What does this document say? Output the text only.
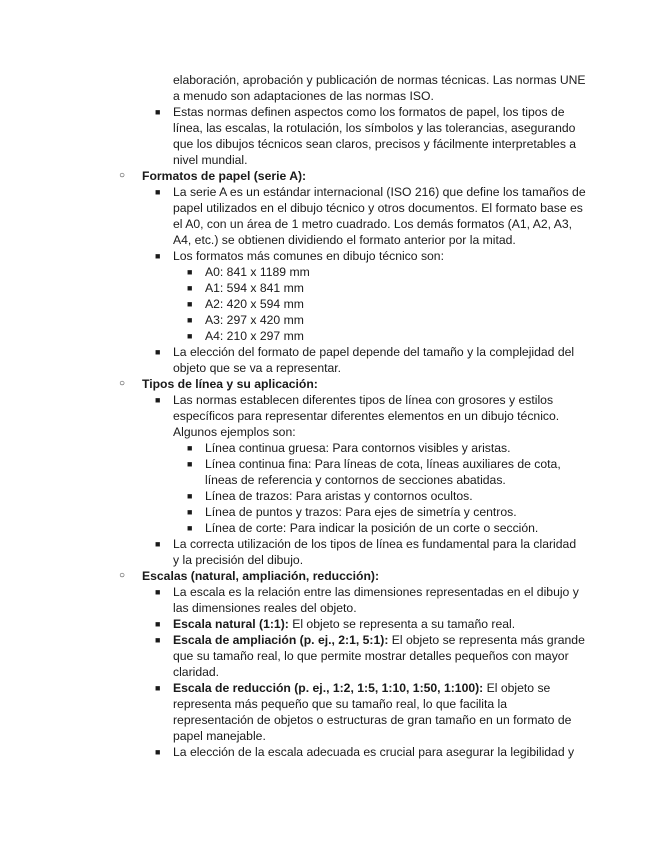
elaboración, aprobación y publicación de normas técnicas. Las normas UNE
a menudo son adaptaciones de las normas ISO.
■ Estas normas definen aspectos como los formatos de papel, los tipos de
línea, las escalas, la rotulación, los símbolos y las tolerancias, asegurando
que los dibujos técnicos sean claros, precisos y fácilmente interpretables a
nivel mundial.
○ Formatos de papel (serie A):
■ La serie A es un estándar internacional (ISO 216) que define los tamaños de
papel utilizados en el dibujo técnico y otros documentos. El formato base es
el A0, con un área de 1 metro cuadrado. Los demás formatos (A1, A2, A3,
A4, etc.) se obtienen dividiendo el formato anterior por la mitad.
■ Los formatos más comunes en dibujo técnico son:
■ A0: 841 x 1189 mm
■ A1: 594 x 841 mm
■ A2: 420 x 594 mm
■ A3: 297 x 420 mm
■ A4: 210 x 297 mm
■ La elección del formato de papel depende del tamaño y la complejidad del
objeto que se va a representar.
○ Tipos de línea y su aplicación:
■ Las normas establecen diferentes tipos de línea con grosores y estilos
específicos para representar diferentes elementos en un dibujo técnico.
Algunos ejemplos son:
■ Línea continua gruesa: Para contornos visibles y aristas.
■ Línea continua fina: Para líneas de cota, líneas auxiliares de cota,
líneas de referencia y contornos de secciones abatidas.
■ Línea de trazos: Para aristas y contornos ocultos.
■ Línea de puntos y trazos: Para ejes de simetría y centros.
■ Línea de corte: Para indicar la posición de un corte o sección.
■ La correcta utilización de los tipos de línea es fundamental para la claridad
y la precisión del dibujo.
○ Escalas (natural, ampliación, reducción):
■ La escala es la relación entre las dimensiones representadas en el dibujo y
las dimensiones reales del objeto.
■ Escala natural (1:1): El objeto se representa a su tamaño real.
■ Escala de ampliación (p. ej., 2:1, 5:1): El objeto se representa más grande
que su tamaño real, lo que permite mostrar detalles pequeños con mayor
claridad.
■ Escala de reducción (p. ej., 1:2, 1:5, 1:10, 1:50, 1:100): El objeto se
representa más pequeño que su tamaño real, lo que facilita la
representación de objetos o estructuras de gran tamaño en un formato de
papel manejable.
■ La elección de la escala adecuada es crucial para asegurar la legibilidad y
